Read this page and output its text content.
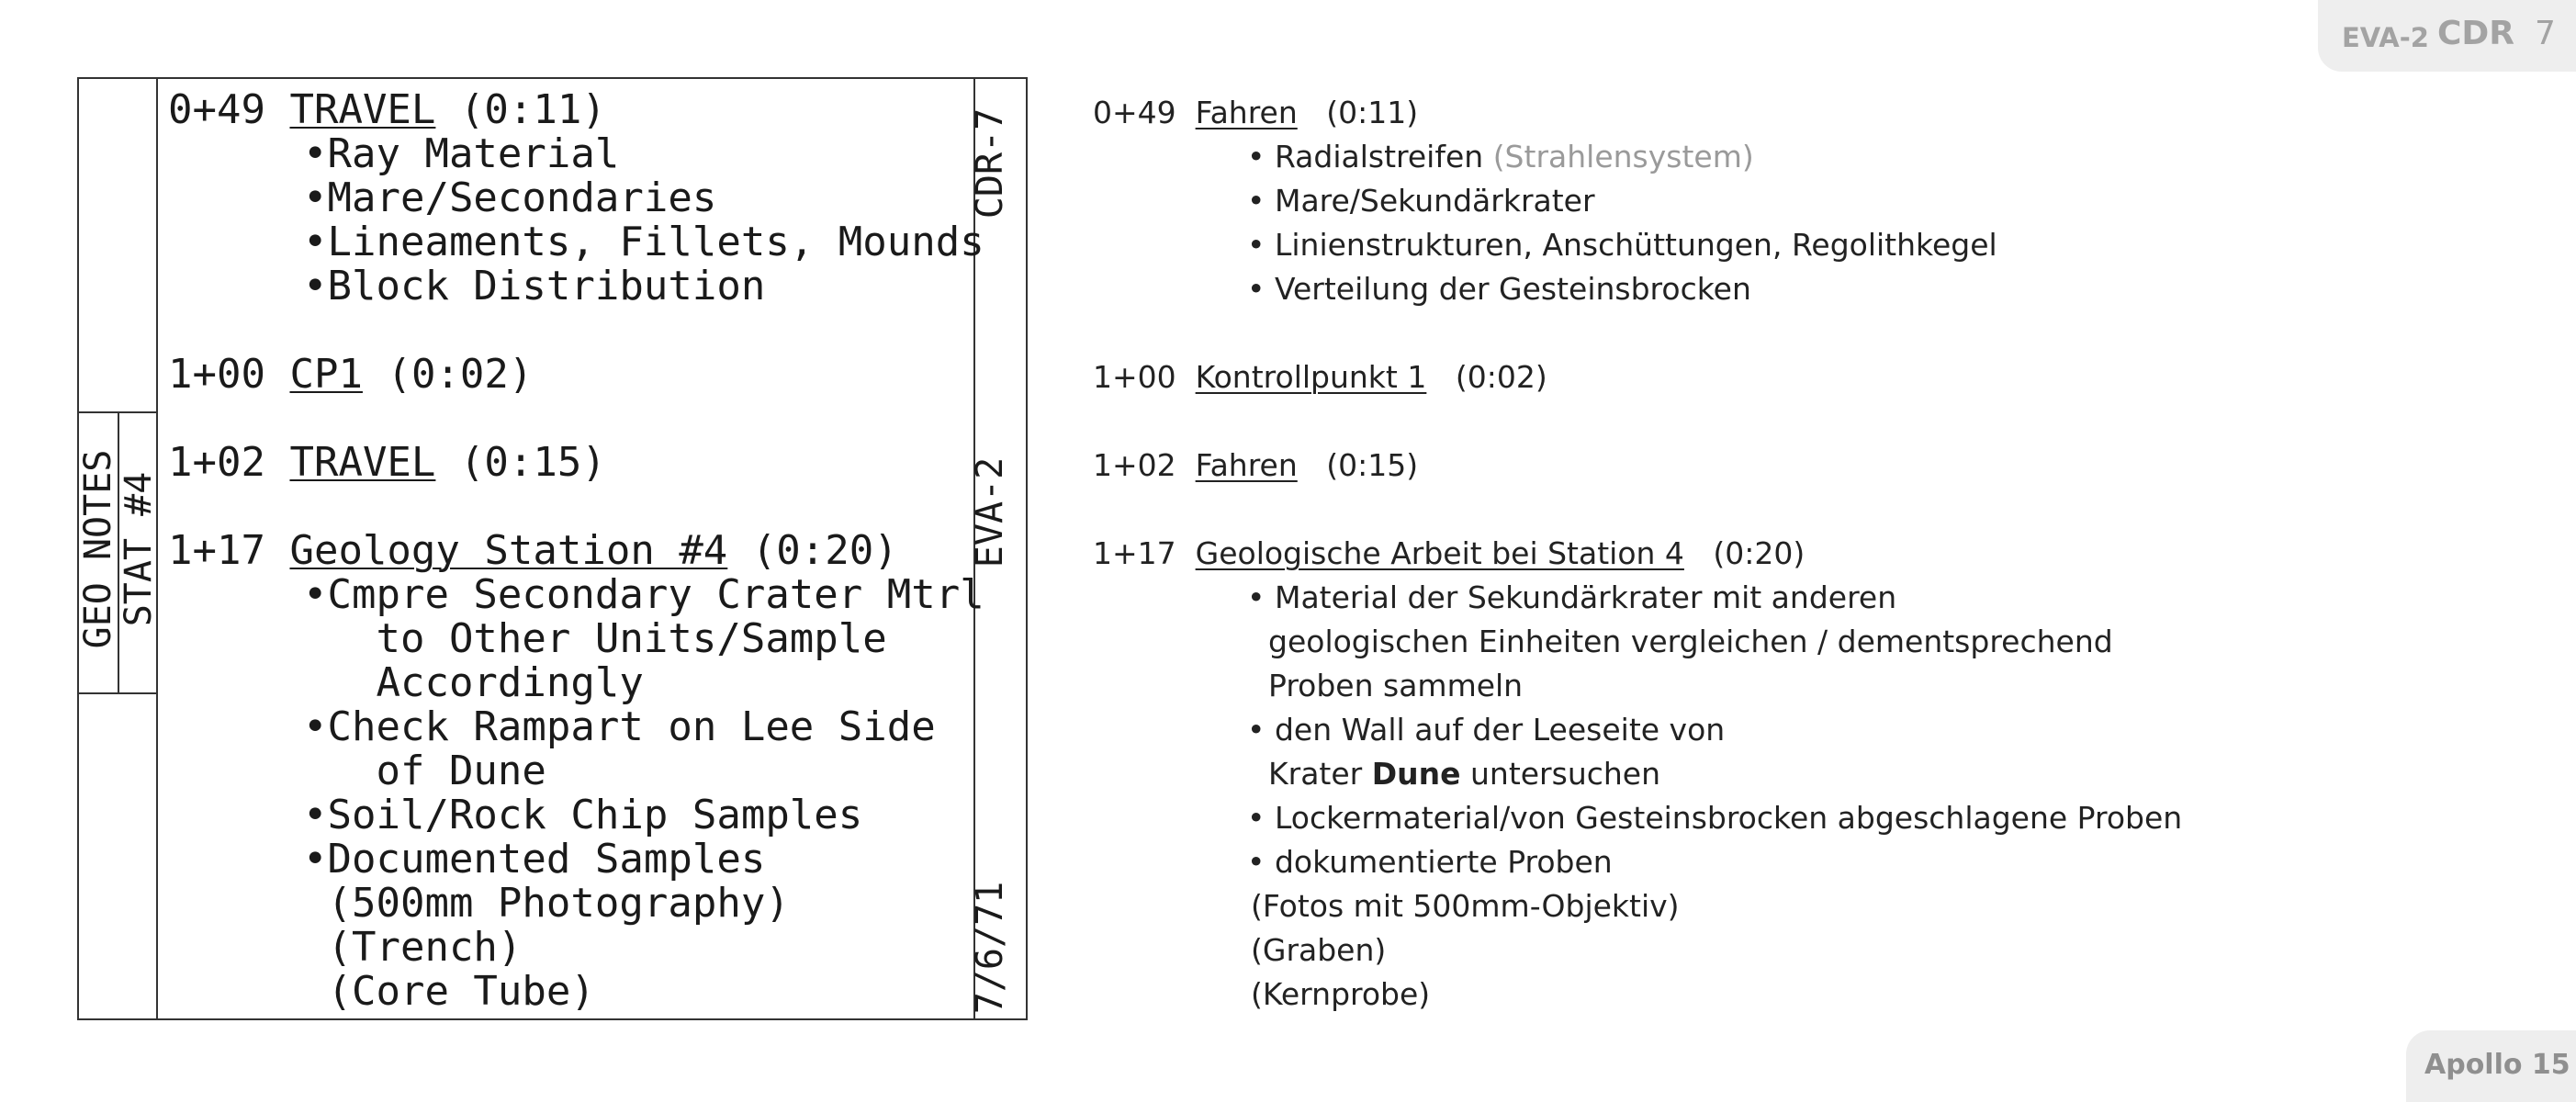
EVA-2 CDR 7
Apollo 15
GEO NOTES
STAT #4
CDR-7
EVA-2
7/6/71
0+49 TRAVEL (0:11)
•Ray Material
•Mare/Secondaries
•Lineaments, Fillets, Mounds
•Block Distribution
1+00 CP1 (0:02)
1+02 TRAVEL (0:15)
1+17 Geology Station #4 (0:20)
•Cmpre Secondary Crater Mtrl
to Other Units/Sample
Accordingly
•Check Rampart on Lee Side
of Dune
•Soil/Rock Chip Samples
•Documented Samples
(500mm Photography)
(Trench)
(Core Tube)
0+49 Fahren (0:11)
• Radialstreifen (Strahlensystem)
• Mare/Sekundärkrater
• Linienstrukturen, Anschüttungen, Regolithkegel
• Verteilung der Gesteinsbrocken
1+00 Kontrollpunkt 1 (0:02)
1+02 Fahren (0:15)
1+17 Geologische Arbeit bei Station 4 (0:20)
• Material der Sekundärkrater mit anderen
geologischen Einheiten vergleichen / dementsprechend
Proben sammeln
• den Wall auf der Leeseite von
Krater Dune untersuchen
• Lockermaterial/von Gesteinsbrocken abgeschlagene Proben
• dokumentierte Proben
(Fotos mit 500mm-Objektiv)
(Graben)
(Kernprobe)
